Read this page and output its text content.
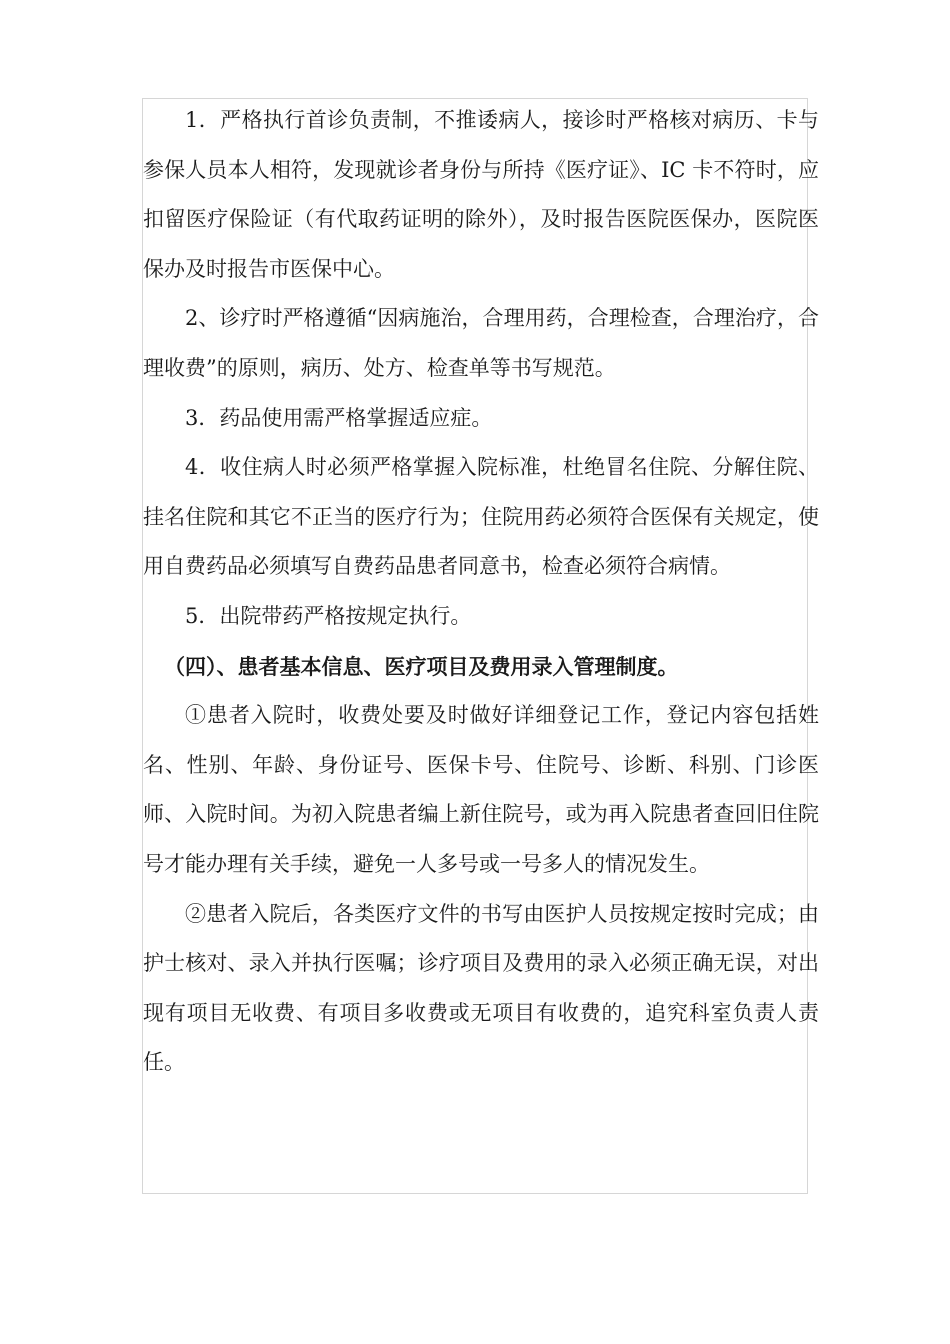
1．严格执行首诊负责制，不推诿病人，接诊时严格核对病历、卡与参保人员本人相符，发现就诊者身份与所持《医疗证》、IC 卡不符时，应扣留医疗保险证（有代取药证明的除外），及时报告医院医保办，医院医保办及时报告市医保中心。

2、诊疗时严格遵循“因病施治，合理用药，合理检查，合理治疗，合理收费”的原则，病历、处方、检查单等书写规范。

3．药品使用需严格掌握适应症。

4．收住病人时必须严格掌握入院标准，杜绝冒名住院、分解住院、挂名住院和其它不正当的医疗行为；住院用药必须符合医保有关规定，使用自费药品必须填写自费药品患者同意书，检查必须符合病情。

5．出院带药严格按规定执行。

（四）、患者基本信息、医疗项目及费用录入管理制度。

①患者入院时，收费处要及时做好详细登记工作，登记内容包括姓名、性别、年龄、身份证号、医保卡号、住院号、诊断、科别、门诊医师、入院时间。为初入院患者编上新住院号，或为再入院患者查回旧住院号才能办理有关手续，避免一人多号或一号多人的情况发生。

②患者入院后，各类医疗文件的书写由医护人员按规定按时完成；由护士核对、录入并执行医嘱；诊疗项目及费用的录入必须正确无误，对出现有项目无收费、有项目多收费或无项目有收费的，追究科室负责人责任。
